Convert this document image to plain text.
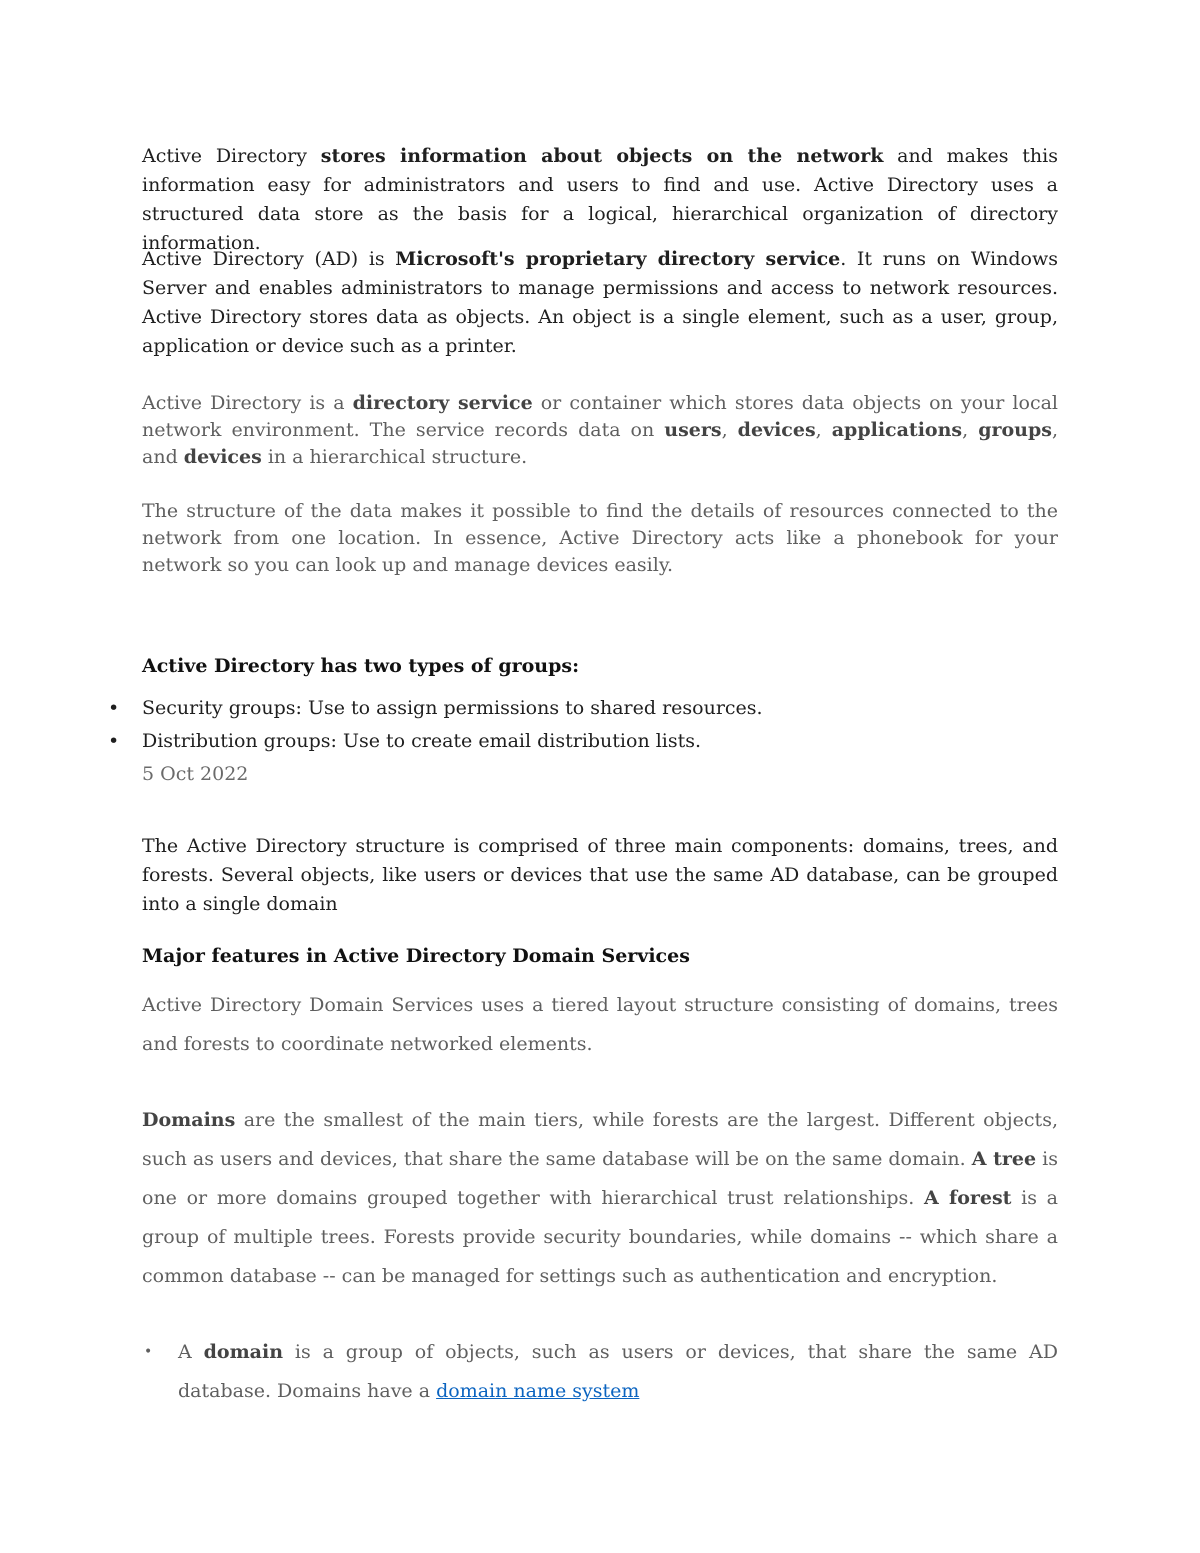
Active Directory stores information about objects on the network and makes this information easy for administrators and users to find and use. Active Directory uses a structured data store as the basis for a logical, hierarchical organization of directory information.

Active Directory (AD) is Microsoft's proprietary directory service. It runs on Windows Server and enables administrators to manage permissions and access to network resources. Active Directory stores data as objects. An object is a single element, such as a user, group, application or device such as a printer.

Active Directory is a directory service or container which stores data objects on your local network environment. The service records data on users, devices, applications, groups, and devices in a hierarchical structure.

The structure of the data makes it possible to find the details of resources connected to the network from one location. In essence, Active Directory acts like a phonebook for your network so you can look up and manage devices easily.

Active Directory has two types of groups:

• Security groups: Use to assign permissions to shared resources.
• Distribution groups: Use to create email distribution lists.
5 Oct 2022

The Active Directory structure is comprised of three main components: domains, trees, and forests. Several objects, like users or devices that use the same AD database, can be grouped into a single domain

Major features in Active Directory Domain Services

Active Directory Domain Services uses a tiered layout structure consisting of domains, trees and forests to coordinate networked elements.

Domains are the smallest of the main tiers, while forests are the largest. Different objects, such as users and devices, that share the same database will be on the same domain. A tree is one or more domains grouped together with hierarchical trust relationships. A forest is a group of multiple trees. Forests provide security boundaries, while domains -- which share a common database -- can be managed for settings such as authentication and encryption.

• A domain is a group of objects, such as users or devices, that share the same AD database. Domains have a domain name system
